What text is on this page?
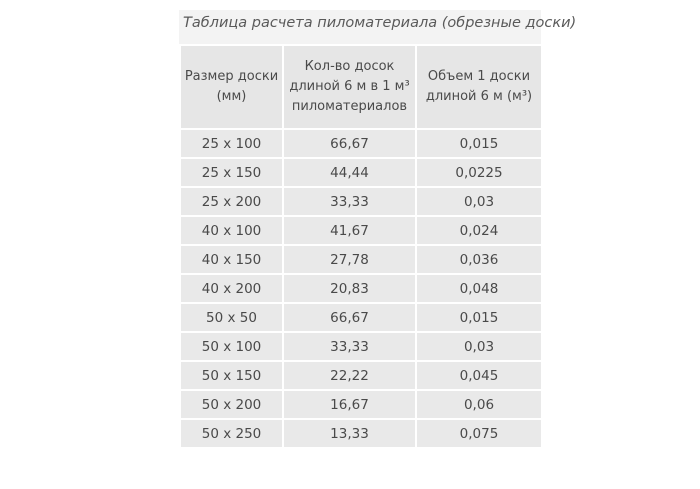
Таблица расчета пиломатериала (обрезные доски)
Размер доски (мм)	Кол-во досок длиной 6 м в 1 м³ пиломатериалов	Объем 1 доски длиной 6 м (м³)
25 х 100	66,67	0,015
25 х 150	44,44	0,0225
25 х 200	33,33	0,03
40 х 100	41,67	0,024
40 х 150	27,78	0,036
40 х 200	20,83	0,048
50 х 50	66,67	0,015
50 х 100	33,33	0,03
50 х 150	22,22	0,045
50 х 200	16,67	0,06
50 х 250	13,33	0,075
